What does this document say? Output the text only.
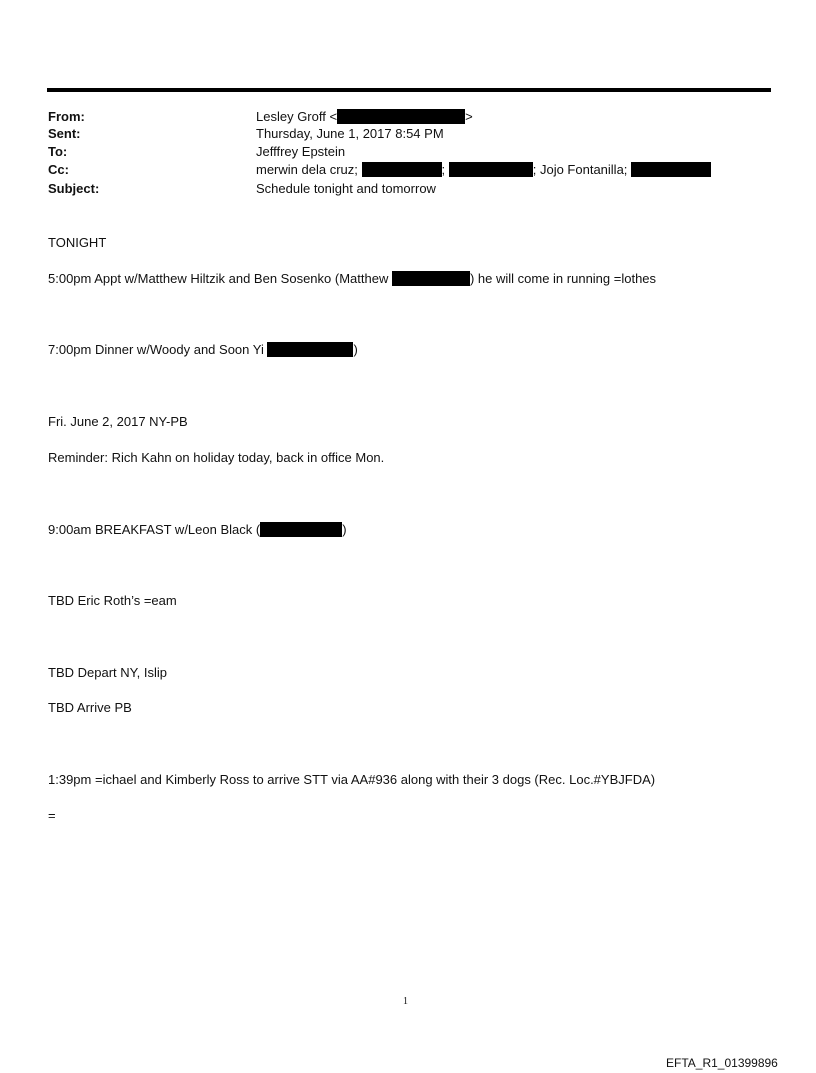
From:	Lesley Groff <	>
Sent:	Thursday, June 1, 2017 8:54 PM
To:	Jefffrey Epstein
Cc:	merwin dela cruz;	;	; Jojo Fontanilla;
Subject:	Schedule tonight and tomorrow
TONIGHT
5:00pm Appt w/Matthew Hiltzik and Ben Sosenko (Matthew	) he will come in running =lothes
7:00pm Dinner w/Woody and Soon Yi	)
Fri. June 2, 2017 NY-PB
Reminder: Rich Kahn on holiday today, back in office Mon.
9:00am BREAKFAST w/Leon Black (	)
TBD Eric Roth’s =eam
TBD Depart NY, Islip
TBD Arrive PB
1:39pm =ichael and Kimberly Ross to arrive STT via AA#936 along with their 3 dogs (Rec. Loc.#YBJFDA)
=
1
EFTA_R1_01399896
